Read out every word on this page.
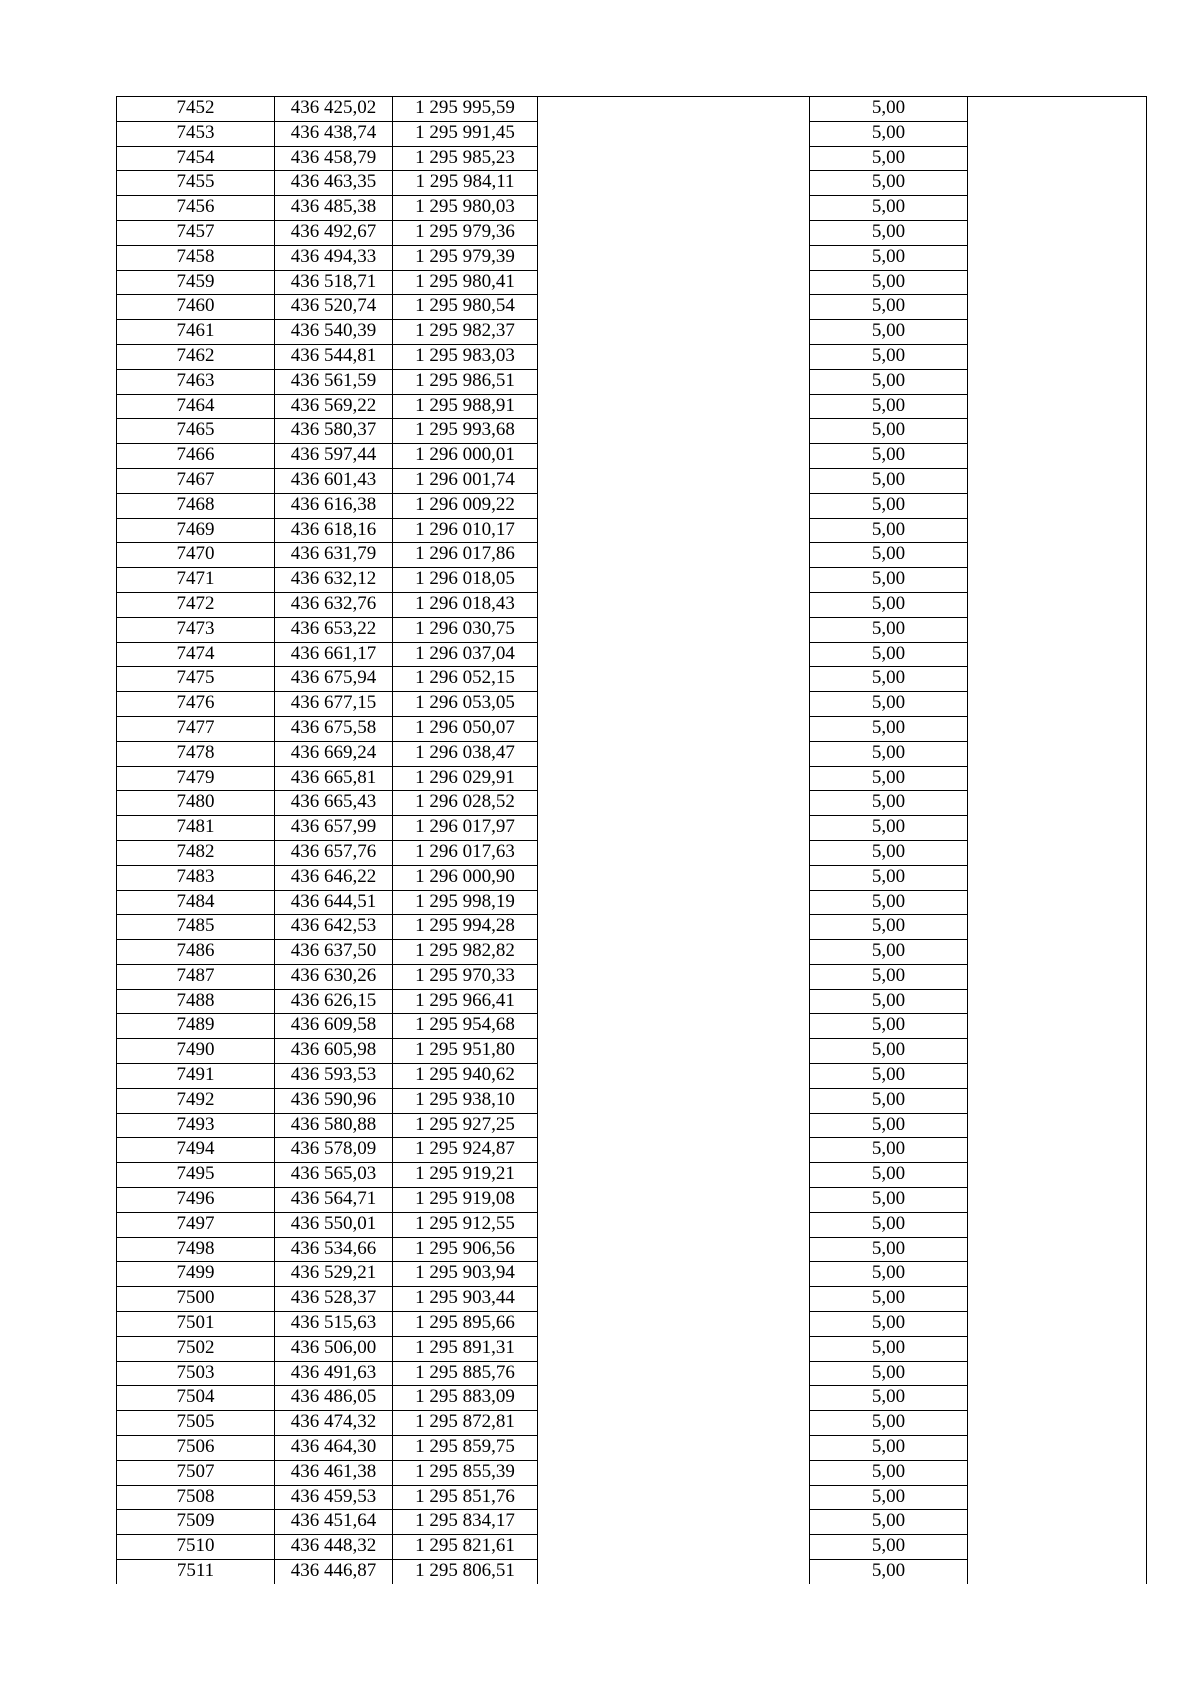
7452	436 425,02	1 295 995,59		5,00	
7453	436 438,74	1 295 991,45		5,00	
7454	436 458,79	1 295 985,23		5,00	
7455	436 463,35	1 295 984,11		5,00	
7456	436 485,38	1 295 980,03		5,00	
7457	436 492,67	1 295 979,36		5,00	
7458	436 494,33	1 295 979,39		5,00	
7459	436 518,71	1 295 980,41		5,00	
7460	436 520,74	1 295 980,54		5,00	
7461	436 540,39	1 295 982,37		5,00	
7462	436 544,81	1 295 983,03		5,00	
7463	436 561,59	1 295 986,51		5,00	
7464	436 569,22	1 295 988,91		5,00	
7465	436 580,37	1 295 993,68		5,00	
7466	436 597,44	1 296 000,01		5,00	
7467	436 601,43	1 296 001,74		5,00	
7468	436 616,38	1 296 009,22		5,00	
7469	436 618,16	1 296 010,17		5,00	
7470	436 631,79	1 296 017,86		5,00	
7471	436 632,12	1 296 018,05		5,00	
7472	436 632,76	1 296 018,43		5,00	
7473	436 653,22	1 296 030,75		5,00	
7474	436 661,17	1 296 037,04		5,00	
7475	436 675,94	1 296 052,15		5,00	
7476	436 677,15	1 296 053,05		5,00	
7477	436 675,58	1 296 050,07		5,00	
7478	436 669,24	1 296 038,47		5,00	
7479	436 665,81	1 296 029,91		5,00	
7480	436 665,43	1 296 028,52		5,00	
7481	436 657,99	1 296 017,97		5,00	
7482	436 657,76	1 296 017,63		5,00	
7483	436 646,22	1 296 000,90		5,00	
7484	436 644,51	1 295 998,19		5,00	
7485	436 642,53	1 295 994,28		5,00	
7486	436 637,50	1 295 982,82		5,00	
7487	436 630,26	1 295 970,33		5,00	
7488	436 626,15	1 295 966,41		5,00	
7489	436 609,58	1 295 954,68		5,00	
7490	436 605,98	1 295 951,80		5,00	
7491	436 593,53	1 295 940,62		5,00	
7492	436 590,96	1 295 938,10		5,00	
7493	436 580,88	1 295 927,25		5,00	
7494	436 578,09	1 295 924,87		5,00	
7495	436 565,03	1 295 919,21		5,00	
7496	436 564,71	1 295 919,08		5,00	
7497	436 550,01	1 295 912,55		5,00	
7498	436 534,66	1 295 906,56		5,00	
7499	436 529,21	1 295 903,94		5,00	
7500	436 528,37	1 295 903,44		5,00	
7501	436 515,63	1 295 895,66		5,00	
7502	436 506,00	1 295 891,31		5,00	
7503	436 491,63	1 295 885,76		5,00	
7504	436 486,05	1 295 883,09		5,00	
7505	436 474,32	1 295 872,81		5,00	
7506	436 464,30	1 295 859,75		5,00	
7507	436 461,38	1 295 855,39		5,00	
7508	436 459,53	1 295 851,76		5,00	
7509	436 451,64	1 295 834,17		5,00	
7510	436 448,32	1 295 821,61		5,00	
7511	436 446,87	1 295 806,51		5,00	
